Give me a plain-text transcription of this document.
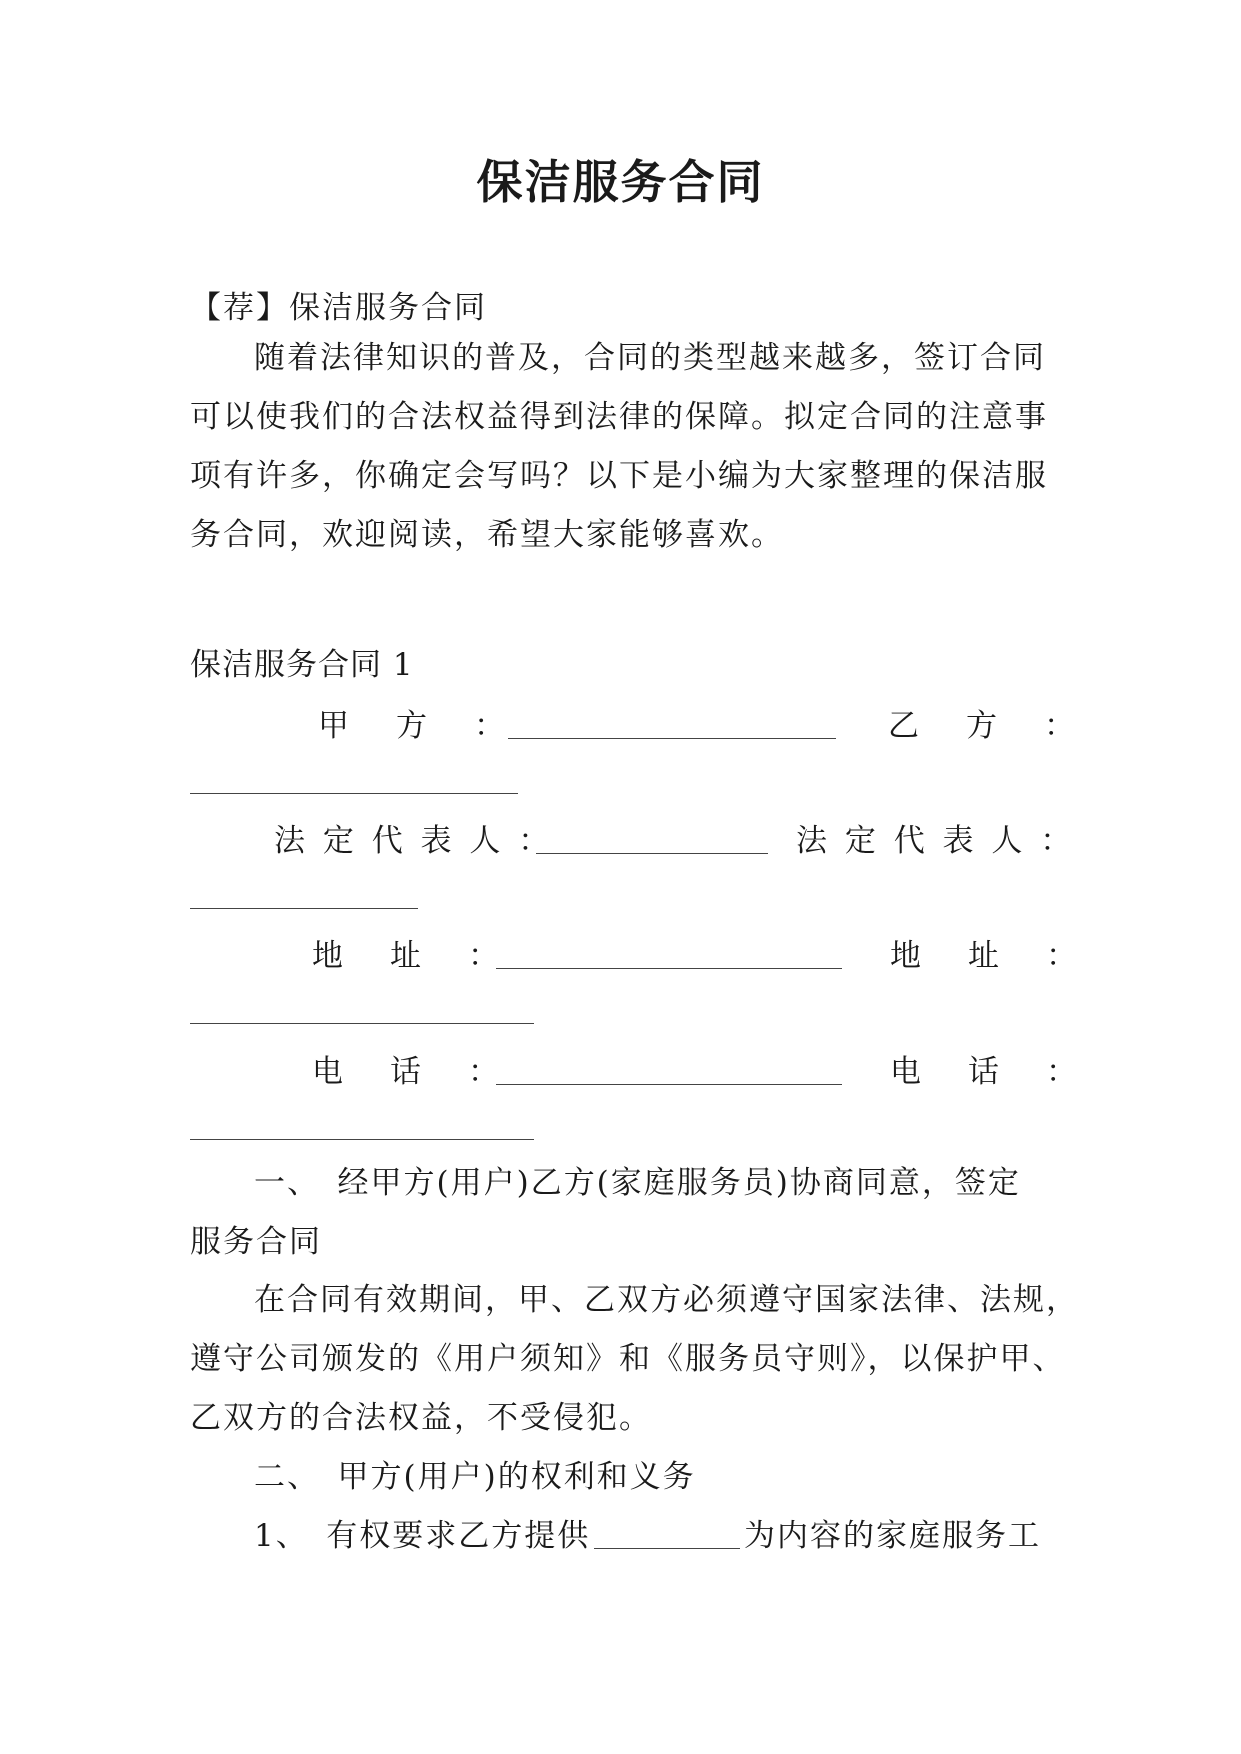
保洁服务合同
【荐】保洁服务合同
随着法律知识的普及，合同的类型越来越多，签订合同
可以使我们的合法权益得到法律的保障。拟定合同的注意事
项有许多，你确定会写吗？以下是小编为大家整理的保洁服
务合同，欢迎阅读，希望大家能够喜欢。
保洁服务合同 1
甲　方　：	乙　方　：
法 定 代 表 人 ：	法 定 代 表 人 ：
地　址　：	地　址　：
电　话　：	电　话　：
一、　经甲方(用户)乙方(家庭服务员)协商同意，签定
服务合同
在合同有效期间，甲、乙双方必须遵守国家法律、法规，
遵守公司颁发的《用户须知》和《服务员守则》，以保护甲、
乙双方的合法权益，不受侵犯。
二、　甲方(用户)的权利和义务
1、　有权要求乙方提供	为内容的家庭服务工
